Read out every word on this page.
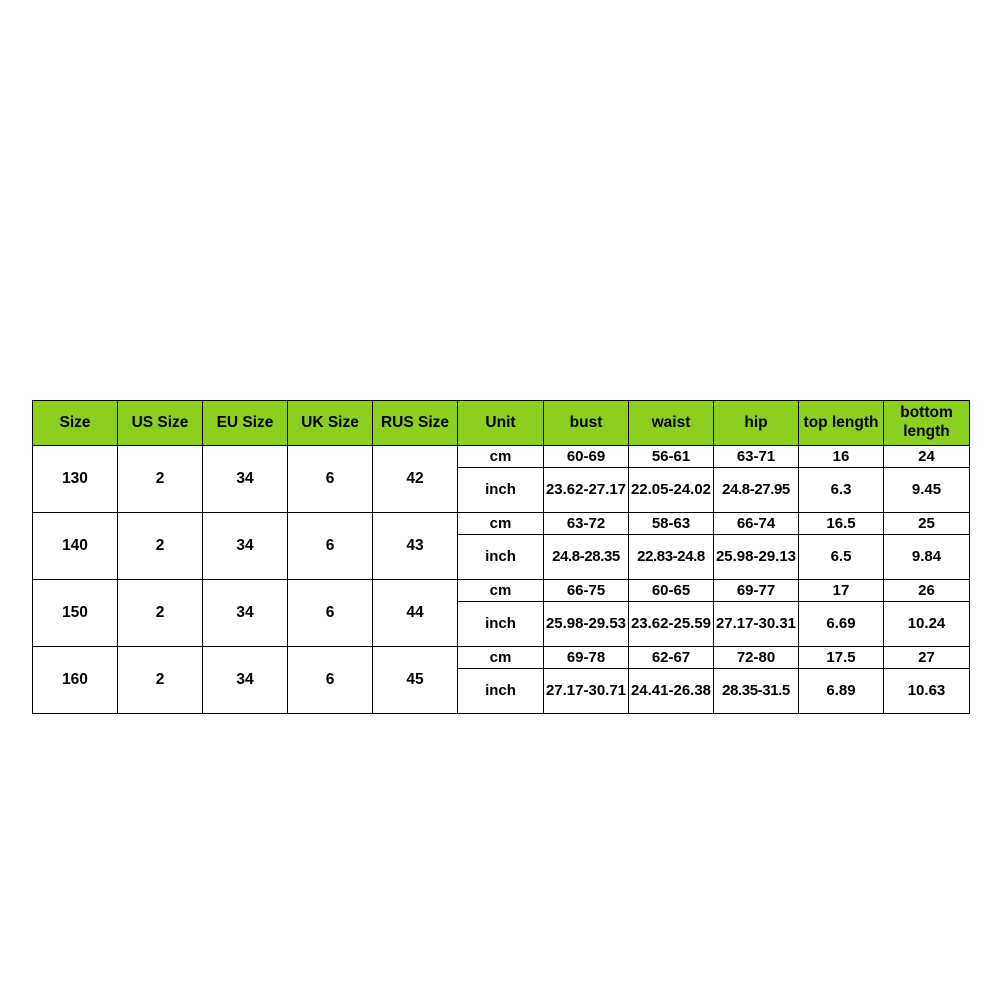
Size	US Size	EU Size	UK Size	RUS Size	Unit	bust	waist	hip	top length	bottom length
130	2	34	6	42	cm	60-69	56-61	63-71	16	24
					inch	23.62-27.17	22.05-24.02	24.8-27.95	6.3	9.45
140	2	34	6	43	cm	63-72	58-63	66-74	16.5	25
					inch	24.8-28.35	22.83-24.8	25.98-29.13	6.5	9.84
150	2	34	6	44	cm	66-75	60-65	69-77	17	26
					inch	25.98-29.53	23.62-25.59	27.17-30.31	6.69	10.24
160	2	34	6	45	cm	69-78	62-67	72-80	17.5	27
					inch	27.17-30.71	24.41-26.38	28.35-31.5	6.89	10.63
